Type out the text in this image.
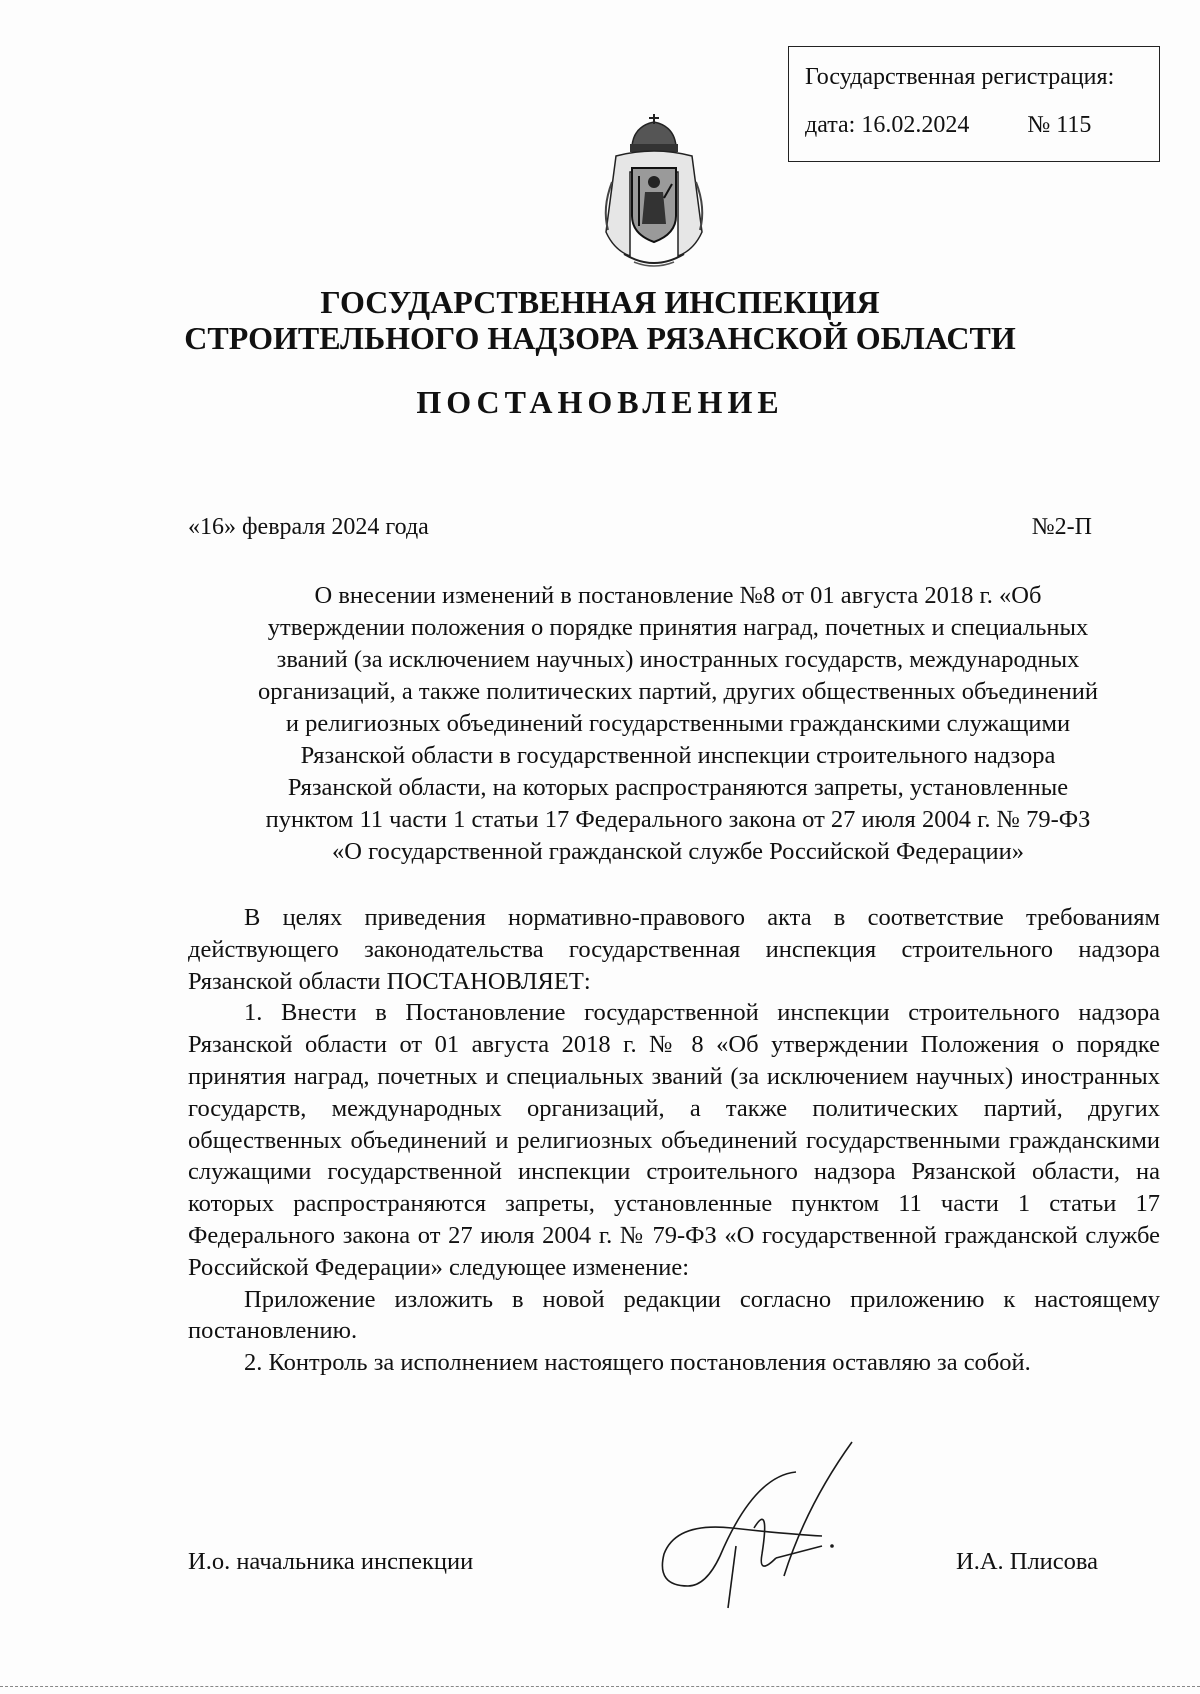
Государственная регистрация:
дата: 16.02.2024 № 115
ГОСУДАРСТВЕННАЯ ИНСПЕКЦИЯ
СТРОИТЕЛЬНОГО НАДЗОРА РЯЗАНСКОЙ ОБЛАСТИ
ПОСТАНОВЛЕНИЕ
«16» февраля 2024 года	№2-П
О внесении изменений в постановление №8 от 01 августа 2018 г. «Об
утверждении положения о порядке принятия наград, почетных и специальных
званий (за исключением научных) иностранных государств, международных
организаций, а также политических партий, других общественных объединений
и религиозных объединений государственными гражданскими служащими
Рязанской области в государственной инспекции строительного надзора
Рязанской области, на которых распространяются запреты, установленные
пунктом 11 части 1 статьи 17 Федерального закона от 27 июля 2004 г. № 79-ФЗ
«О государственной гражданской службе Российской Федерации»

В целях приведения нормативно-правового акта в соответствие требованиям действующего законодательства государственная инспекция строительного надзора Рязанской области ПОСТАНОВЛЯЕТ:

1. Внести в Постановление государственной инспекции строительного надзора Рязанской области от 01 августа 2018 г. № 8 «Об утверждении Положения о порядке принятия наград, почетных и специальных званий (за исключением научных) иностранных государств, международных организаций, а также политических партий, других общественных объединений и религиозных объединений государственными гражданскими служащими государственной инспекции строительного надзора Рязанской области, на которых распространяются запреты, установленные пунктом 11 части 1 статьи 17 Федерального закона от 27 июля 2004 г. № 79-ФЗ «О государственной гражданской службе Российской Федерации» следующее изменение:

Приложение изложить в новой редакции согласно приложению к настоящему постановлению.

2. Контроль за исполнением настоящего постановления оставляю за собой.

И.о. начальника инспекции	И.А. Плисова
